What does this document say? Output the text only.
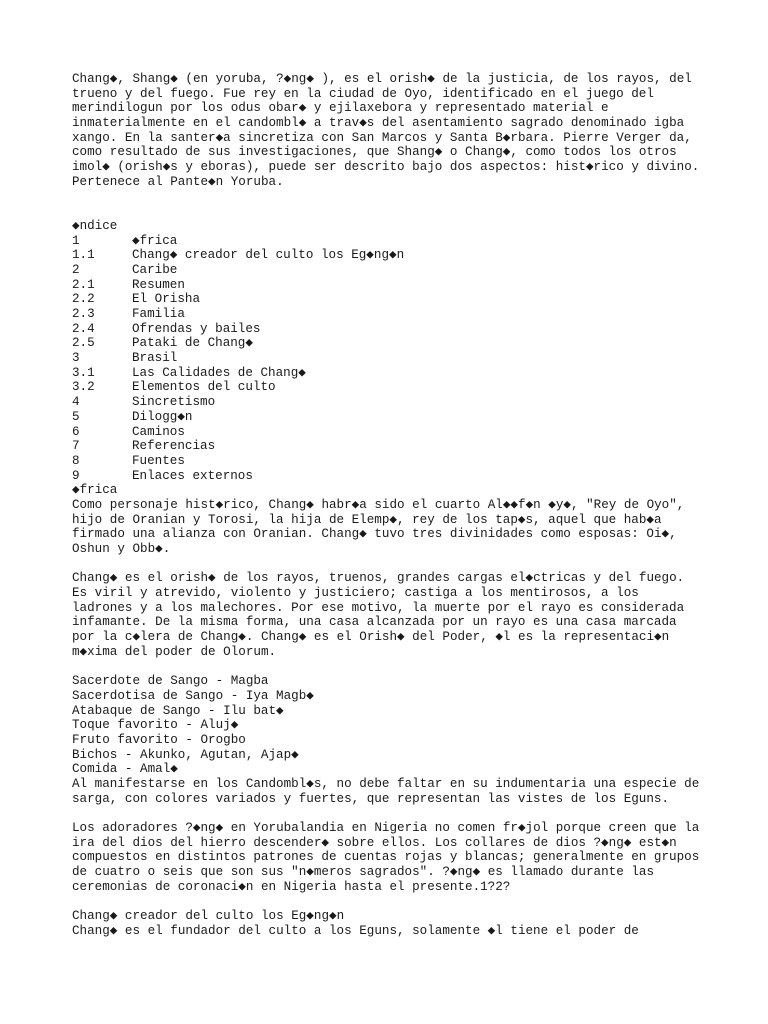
Chang◆, Shang◆ (en yoruba, ?◆ng◆ ), es el orish◆ de la justicia, de los rayos, del
trueno y del fuego. Fue rey en la ciudad de Oyo, identificado en el juego del
merindilogun por los odus obar◆ y ejilaxebora y representado material e
inmaterialmente en el candombl◆ a trav◆s del asentamiento sagrado denominado igba
xango. En la santer◆a sincretiza con San Marcos y Santa B◆rbara. Pierre Verger da,
como resultado de sus investigaciones, que Shang◆ o Chang◆, como todos los otros
imol◆ (orish◆s y eboras), puede ser descrito bajo dos aspectos: hist◆rico y divino.
Pertenece al Pante◆n Yoruba.
◆ndice
1	◆frica
1.1	Chang◆ creador del culto los Eg◆ng◆n
2	Caribe
2.1	Resumen
2.2	El Orisha
2.3	Familia
2.4	Ofrendas y bailes
2.5	Pataki de Chang◆
3	Brasil
3.1	Las Calidades de Chang◆
3.2	Elementos del culto
4	Sincretismo
5	Dilogg◆n
6	Caminos
7	Referencias
8	Fuentes
9	Enlaces externos
◆frica
Como personaje hist◆rico, Chang◆ habr◆a sido el cuarto Al◆◆f◆n ◆y◆, "Rey de Oyo",
hijo de Oranian y Torosi, la hija de Elemp◆, rey de los tap◆s, aquel que hab◆a
firmado una alianza con Oranian. Chang◆ tuvo tres divinidades como esposas: Oi◆,
Oshun y Obb◆.
Chang◆ es el orish◆ de los rayos, truenos, grandes cargas el◆ctricas y del fuego.
Es viril y atrevido, violento y justiciero; castiga a los mentirosos, a los
ladrones y a los malechores. Por ese motivo, la muerte por el rayo es considerada
infamante. De la misma forma, una casa alcanzada por un rayo es una casa marcada
por la c◆lera de Chang◆. Chang◆ es el Orish◆ del Poder, ◆l es la representaci◆n
m◆xima del poder de Olorum.
Sacerdote de Sango - Magba
Sacerdotisa de Sango - Iya Magb◆
Atabaque de Sango - Ilu bat◆
Toque favorito - Aluj◆
Fruto favorito - Orogbo
Bichos - Akunko, Agutan, Ajap◆
Comida - Amal◆
Al manifestarse en los Candombl◆s, no debe faltar en su indumentaria una especie de
sarga, con colores variados y fuertes, que representan las vistes de los Eguns.
Los adoradores ?◆ng◆ en Yorubalandia en Nigeria no comen fr◆jol porque creen que la
ira del dios del hierro descender◆ sobre ellos. Los collares de dios ?◆ng◆ est◆n
compuestos en distintos patrones de cuentas rojas y blancas; generalmente en grupos
de cuatro o seis que son sus "n◆meros sagrados". ?◆ng◆ es llamado durante las
ceremonias de coronaci◆n en Nigeria hasta el presente.1?2?
Chang◆ creador del culto los Eg◆ng◆n
Chang◆ es el fundador del culto a los Eguns, solamente ◆l tiene el poder de
